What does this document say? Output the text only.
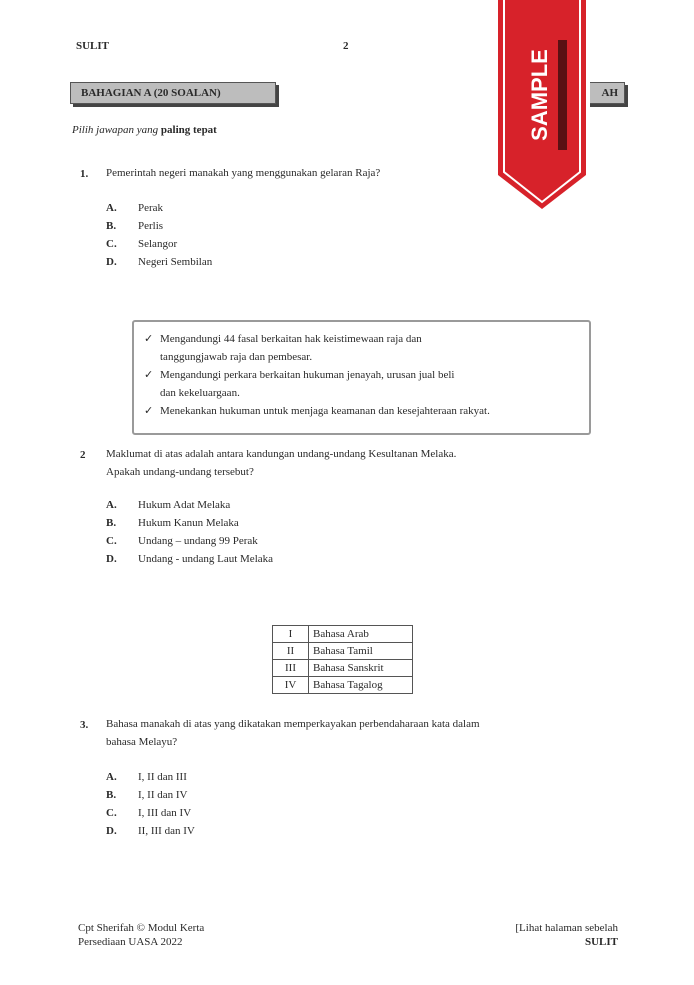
SULIT	2
BAHAGIAN A (20 SOALAN)	AH
Pilih jawapan yang paling tepat
1. Pemerintah negeri manakah yang menggunakan gelaran Raja?
A.	Perak
B.	Perlis
C.	Selangor
D.	Negeri Sembilan
✓ Mengandungi 44 fasal berkaitan hak keistimewaan raja dan
tanggungjawab raja dan pembesar.
✓ Mengandungi perkara berkaitan hukuman jenayah, urusan jual beli
dan kekeluargaan.
✓ Menekankan hukuman untuk menjaga keamanan dan kesejahteraan rakyat.
2 Maklumat di atas adalah antara kandungan undang-undang Kesultanan Melaka.
Apakah undang-undang tersebut?
A.	Hukum Adat Melaka
B.	Hukum Kanun Melaka
C.	Undang – undang 99 Perak
D.	Undang - undang Laut Melaka
I	Bahasa Arab
II	Bahasa Tamil
III	Bahasa Sanskrit
IV	Bahasa Tagalog
3. Bahasa manakah di atas yang dikatakan memperkayakan perbendaharaan kata dalam
bahasa Melayu?
A.	I, II dan III
B.	I, II dan IV
C.	I, III dan IV
D.	II, III dan IV
Cpt Sherifah © Modul Kerta
Persediaan UASA 2022
[Lihat halaman sebelah
SULIT
SAMPLE
